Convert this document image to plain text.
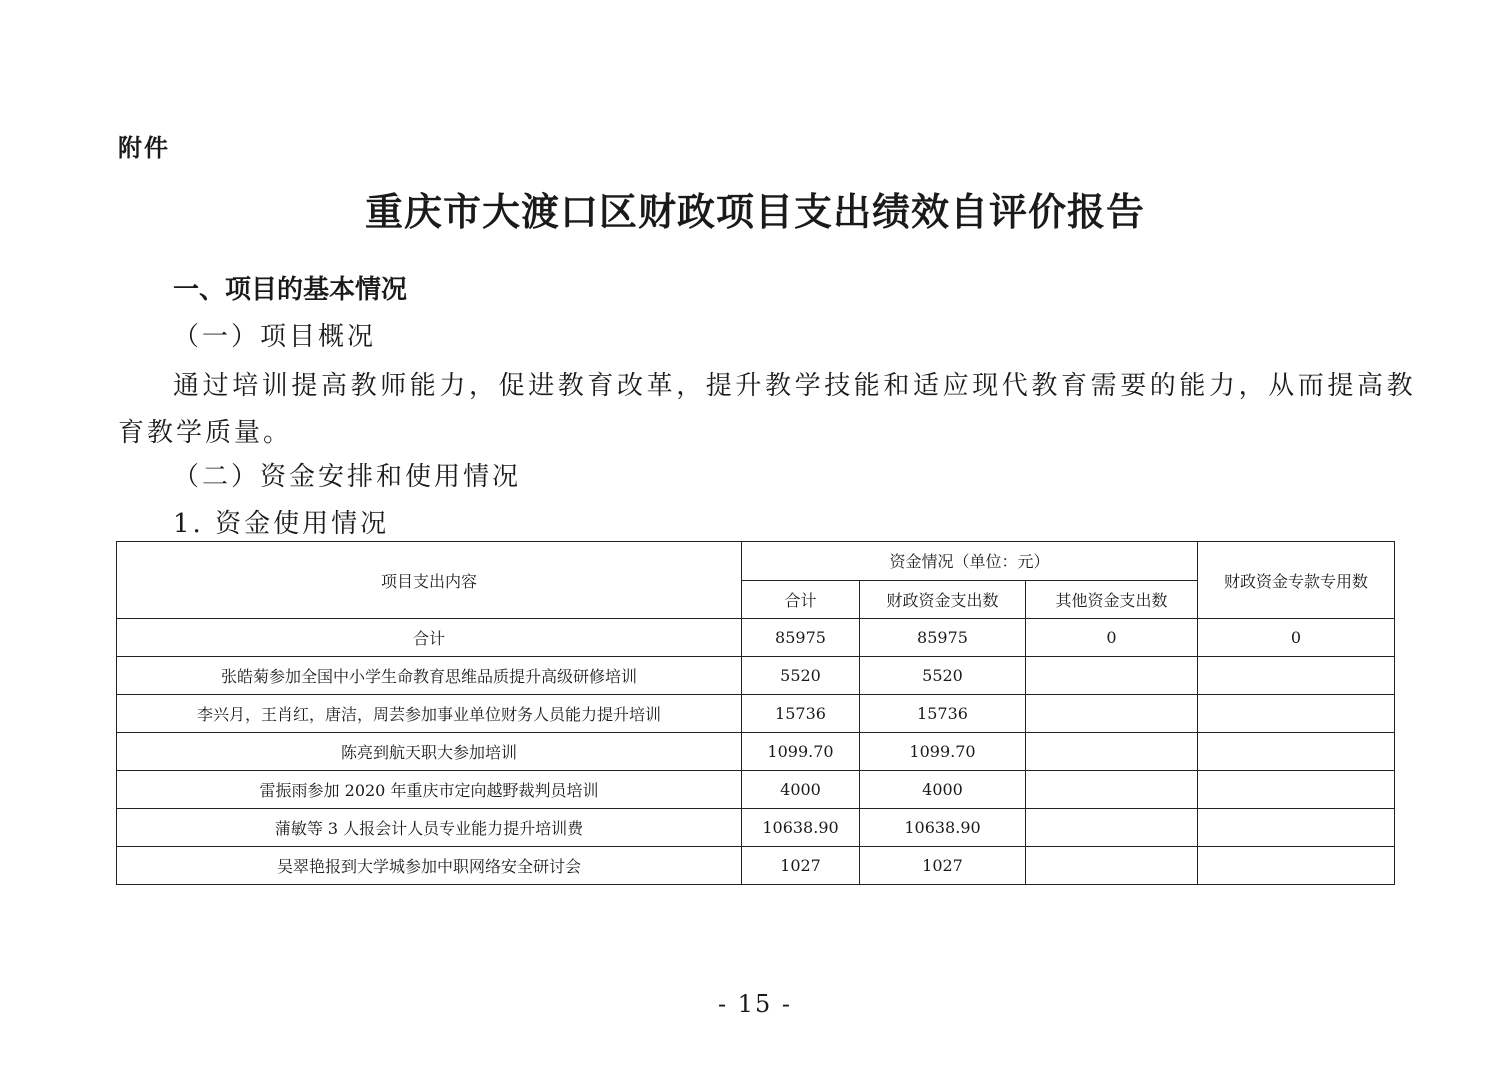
附件
重庆市大渡口区财政项目支出绩效自评价报告
一、项目的基本情况
（一）项目概况
通过培训提高教师能力，促进教育改革，提升教学技能和适应现代教育需要的能力，从而提高教
育教学质量。
（二）资金安排和使用情况
1. 资金使用情况
项目支出内容	资金情况（单位：元）			财政资金专款专用数
	合计	财政资金支出数	其他资金支出数	
合计	85975	85975	0	0
张皓菊参加全国中小学生命教育思维品质提升高级研修培训	5520	5520		
李兴月，王肖红，唐洁，周芸参加事业单位财务人员能力提升培训	15736	15736		
陈亮到航天职大参加培训	1099.70	1099.70		
雷振雨参加 2020 年重庆市定向越野裁判员培训	4000	4000		
蒲敏等 3 人报会计人员专业能力提升培训费	10638.90	10638.90		
吴翠艳报到大学城参加中职网络安全研讨会	1027	1027		
- 15 -
